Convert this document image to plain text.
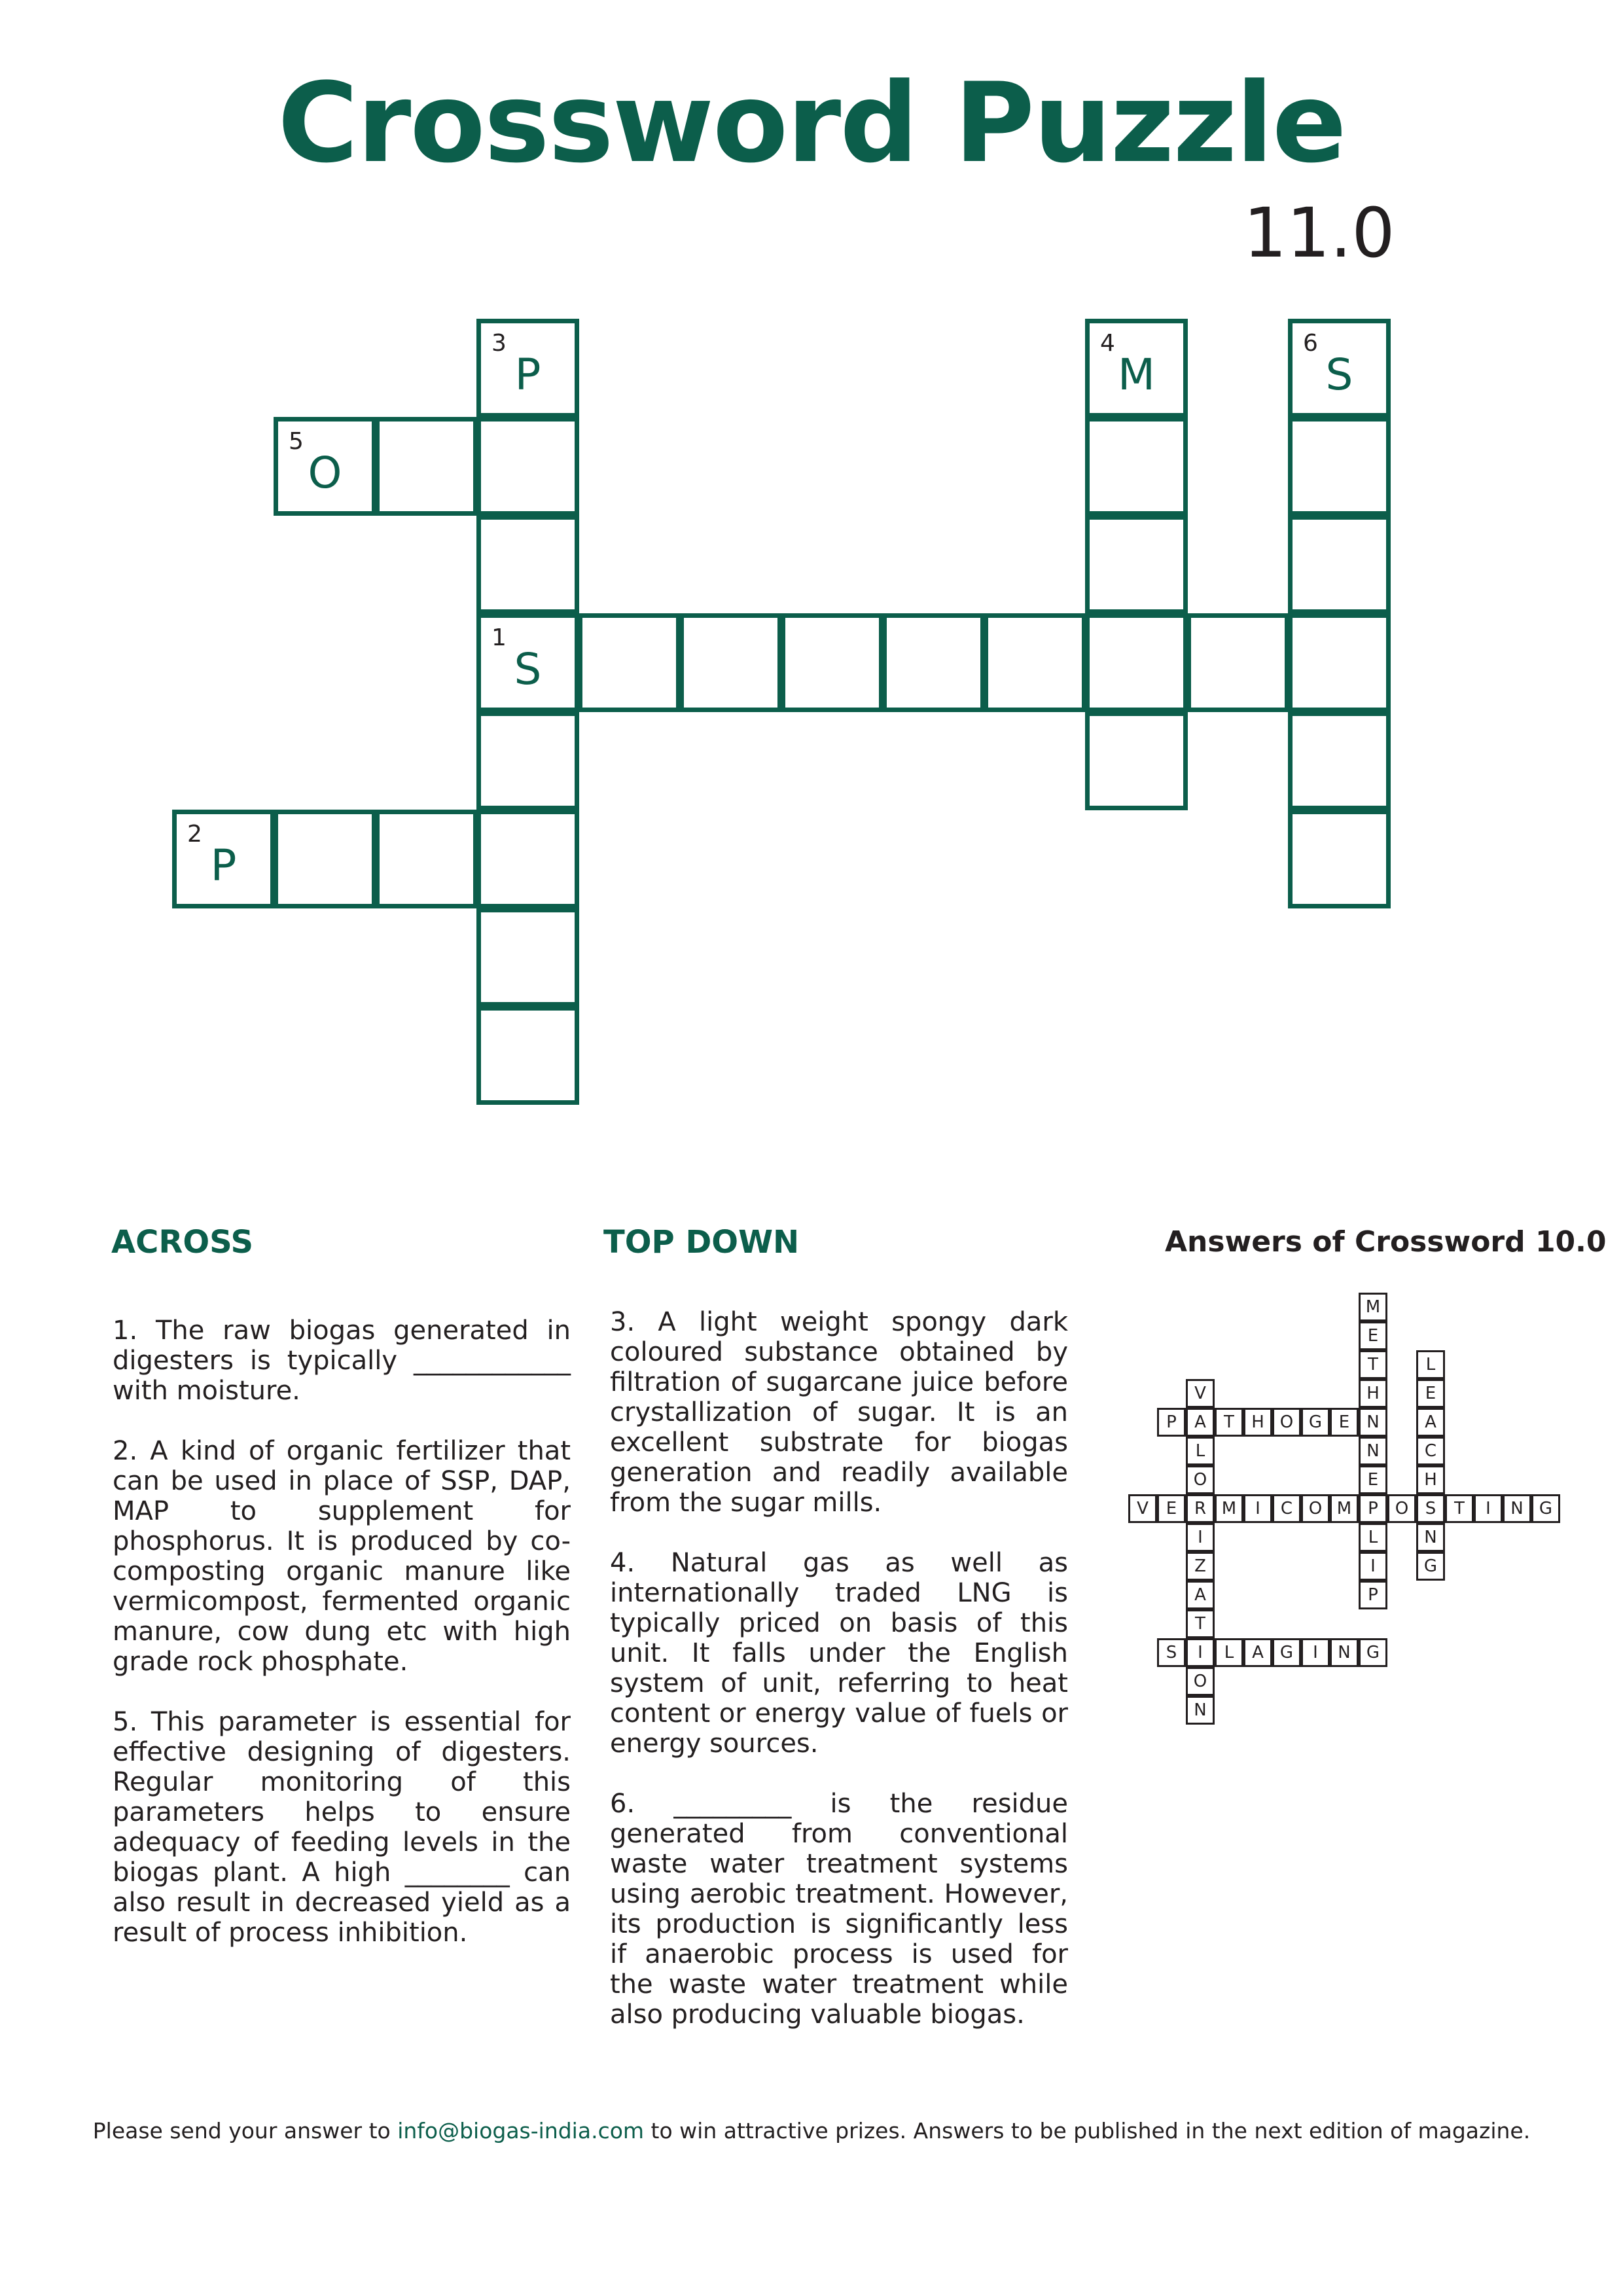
Crossword Puzzle
11.0
1
S
2
P
3
P
4
M
5
O
6
S
ACROSS	TOP DOWN	Answers of Crossword 10.0

1. The raw biogas generated in digesters is typically ____________ with moisture.

2. A kind of organic fertilizer that can be used in place of SSP, DAP, MAP to supplement for phosphorus. It is produced by co-composting organic manure like vermicompost, fermented organic manure, cow dung etc with high grade rock phosphate.

5. This parameter is essential for effective designing of digesters. Regular monitoring of this parameters helps to ensure adequacy of feeding levels in the biogas plant. A high ________ can also result in decreased yield as a result of process inhibition.

3. A light weight spongy dark coloured substance obtained by filtration of sugarcane juice before crystallization of sugar. It is an excellent substrate for biogas generation and readily available from the sugar mills.

4. Natural gas as well as internationally traded LNG is typically priced on basis of this unit. It falls under the English system of unit, referring to heat content or energy value of fuels or energy sources.

6. _________ is the residue generated from conventional waste water treatment systems using aerobic treatment. However, its production is significantly less if anaerobic process is used for the waste water treatment while also producing valuable biogas.

P	A	T	H O G E	N
V	E	R M	I	C O M P O S	T	I	N G
S	I	L	A G	I	N G
V
L
O
I
Z
A
T
O
N
M
E
T
H
N
E
L
I
P
L
E
A
C
H
N
G

Please send your answer to info@biogas-india.com to win attractive prizes. Answers to be published in the next edition of magazine.
